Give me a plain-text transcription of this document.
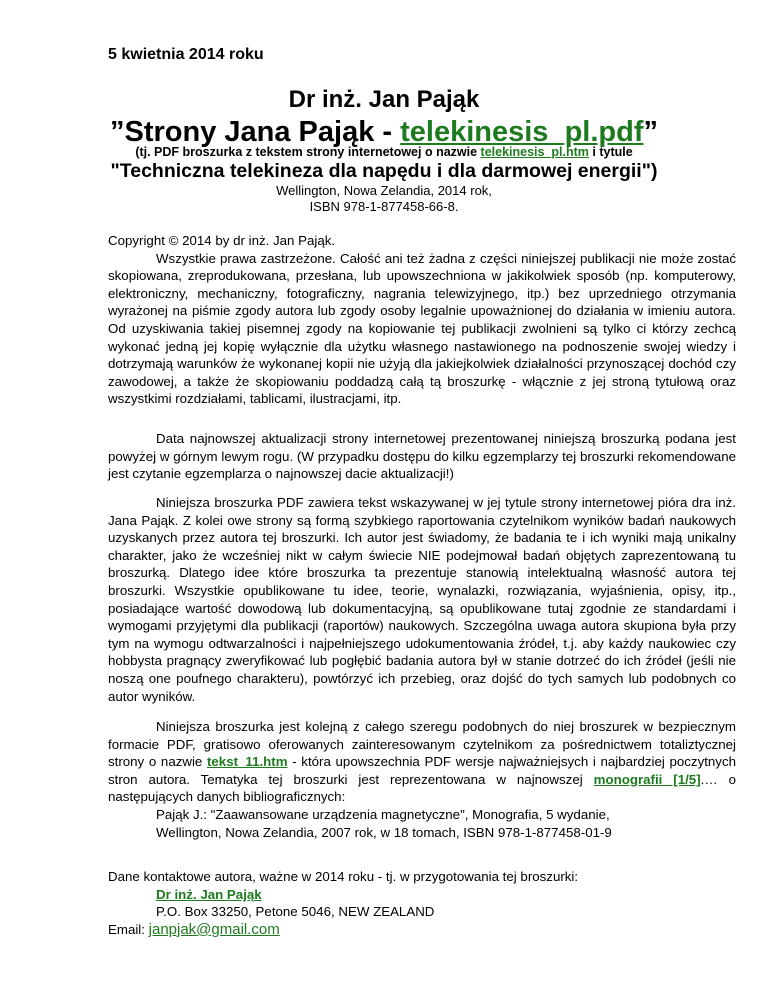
5 kwietnia 2014 roku
Dr inż. Jan Pająk
”Strony Jana Pająk - telekinesis_pl.pdf”
(tj. PDF broszurka z tekstem strony internetowej o nazwie telekinesis_pl.htm i tytule
"Techniczna telekineza dla napędu i dla darmowej energii")
Wellington, Nowa Zelandia, 2014 rok,
ISBN 978-1-877458-66-8.

Copyright © 2014 by dr inż. Jan Pająk.

Wszystkie prawa zastrzeżone. Całość ani też żadna z części niniejszej publikacji nie może zostać skopiowana, zreprodukowana, przesłana, lub upowszechniona w jakikolwiek sposób (np. komputerowy, elektroniczny, mechaniczny, fotograficzny, nagrania telewizyjnego, itp.) bez uprzedniego otrzymania wyrażonej na piśmie zgody autora lub zgody osoby legalnie upoważnionej do działania w imieniu autora. Od uzyskiwania takiej pisemnej zgody na kopiowanie tej publikacji zwolnieni są tylko ci którzy zechcą wykonać jedną jej kopię wyłącznie dla użytku własnego nastawionego na podnoszenie swojej wiedzy i dotrzymają warunków że wykonanej kopii nie użyją dla jakiejkolwiek działalności przynoszącej dochód czy zawodowej, a także że skopiowaniu poddadzą całą tą broszurkę - włącznie z jej stroną tytułową oraz wszystkimi rozdziałami, tablicami, ilustracjami, itp.

Data najnowszej aktualizacji strony internetowej prezentowanej niniejszą broszurką podana jest powyżej w górnym lewym rogu. (W przypadku dostępu do kilku egzemplarzy tej broszurki rekomendowane jest czytanie egzemplarza o najnowszej dacie aktualizacji!)

Niniejsza broszurka PDF zawiera tekst wskazywanej w jej tytule strony internetowej pióra dra inż. Jana Pająk. Z kolei owe strony są formą szybkiego raportowania czytelnikom wyników badań naukowych uzyskanych przez autora tej broszurki. Ich autor jest świadomy, że badania te i ich wyniki mają unikalny charakter, jako że wcześniej nikt w całym świecie NIE podejmował badań objętych zaprezentowaną tu broszurką. Dlatego idee które broszurka ta prezentuje stanowią intelektualną własność autora tej broszurki. Wszystkie opublikowane tu idee, teorie, wynalazki, rozwiązania, wyjaśnienia, opisy, itp., posiadające wartość dowodową lub dokumentacyjną, są opublikowane tutaj zgodnie ze standardami i wymogami przyjętymi dla publikacji (raportów) naukowych. Szczególna uwaga autora skupiona była przy tym na wymogu odtwarzalności i najpełniejszego udokumentowania źródeł, t.j. aby każdy naukowiec czy hobbysta pragnący zweryfikować lub pogłębić badania autora był w stanie dotrzeć do ich źródeł (jeśli nie noszą one poufnego charakteru), powtórzyć ich przebieg, oraz dojść do tych samych lub podobnych co autor wyników.

Niniejsza broszurka jest kolejną z całego szeregu podobnych do niej broszurek w bezpiecznym formacie PDF, gratisowo oferowanych zainteresowanym czytelnikom za pośrednictwem totaliztycznej strony o nazwie tekst_11.htm - która upowszechnia PDF wersje najważniejsych i najbardziej poczytnych stron autora. Tematyka tej broszurki jest reprezentowana w najnowszej monografii [1/5].… o następujących danych bibliograficznych:

Pająk J.: "Zaawansowane urządzenia magnetyczne", Monografia, 5 wydanie,

Wellington, Nowa Zelandia, 2007 rok, w 18 tomach, ISBN 978-1-877458-01-9

Dane kontaktowe autora, ważne w 2014 roku - tj. w przygotowania tej broszurki:

Dr inż. Jan Pająk

P.O. Box 33250, Petone 5046, NEW ZEALAND

Email: janpjak@gmail.com
